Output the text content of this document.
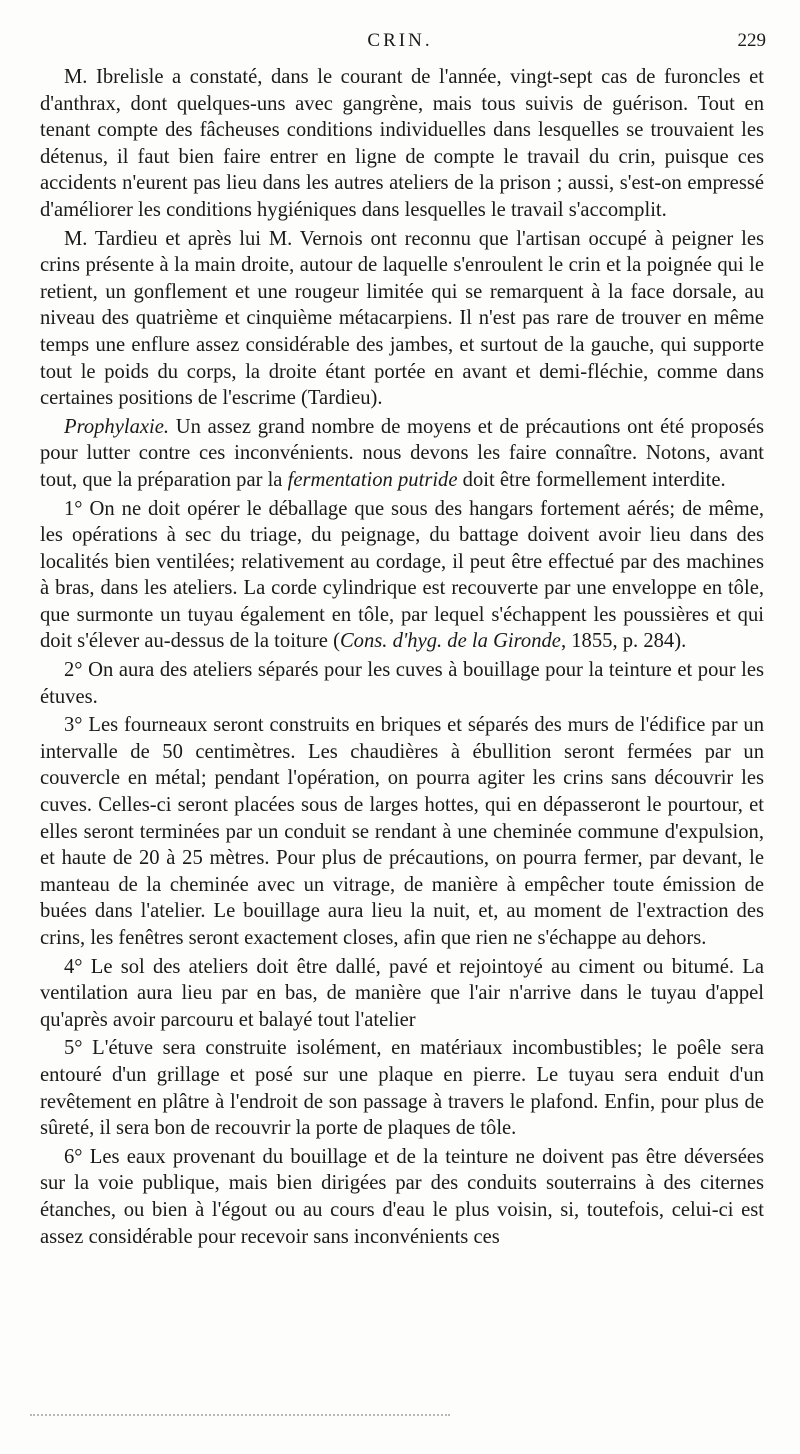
CRIN.	229

M. Ibrelisle a constaté, dans le courant de l'année, vingt-sept cas de furoncles et d'anthrax, dont quelques-uns avec gangrène, mais tous suivis de guérison. Tout en tenant compte des fâcheuses conditions individuelles dans lesquelles se trouvaient les détenus, il faut bien faire entrer en ligne de compte le travail du crin, puisque ces accidents n'eurent pas lieu dans les autres ateliers de la prison ; aussi, s'est-on empressé d'améliorer les conditions hygiéniques dans lesquelles le travail s'accomplit.

M. Tardieu et après lui M. Vernois ont reconnu que l'artisan occupé à peigner les crins présente à la main droite, autour de laquelle s'enroulent le crin et la poignée qui le retient, un gonflement et une rougeur limitée qui se remarquent à la face dorsale, au niveau des quatrième et cinquième métacarpiens. Il n'est pas rare de trouver en même temps une enflure assez considérable des jambes, et surtout de la gauche, qui supporte tout le poids du corps, la droite étant portée en avant et demi-fléchie, comme dans certaines positions de l'escrime (Tardieu).

Prophylaxie. Un assez grand nombre de moyens et de précautions ont été proposés pour lutter contre ces inconvénients. nous devons les faire connaître. Notons, avant tout, que la préparation par la fermentation putride doit être formellement interdite.

1° On ne doit opérer le déballage que sous des hangars fortement aérés; de même, les opérations à sec du triage, du peignage, du battage doivent avoir lieu dans des localités bien ventilées; relativement au cordage, il peut être effectué par des machines à bras, dans les ateliers. La corde cylindrique est recouverte par une enveloppe en tôle, que surmonte un tuyau également en tôle, par lequel s'échappent les poussières et qui doit s'élever au-dessus de la toiture (Cons. d'hyg. de la Gironde, 1855, p. 284).

2° On aura des ateliers séparés pour les cuves à bouillage pour la teinture et pour les étuves.

3° Les fourneaux seront construits en briques et séparés des murs de l'édifice par un intervalle de 50 centimètres. Les chaudières à ébullition seront fermées par un couvercle en métal; pendant l'opération, on pourra agiter les crins sans découvrir les cuves. Celles-ci seront placées sous de larges hottes, qui en dépasseront le pourtour, et elles seront terminées par un conduit se rendant à une cheminée commune d'expulsion, et haute de 20 à 25 mètres. Pour plus de précautions, on pourra fermer, par devant, le manteau de la cheminée avec un vitrage, de manière à empêcher toute émission de buées dans l'atelier. Le bouillage aura lieu la nuit, et, au moment de l'extraction des crins, les fenêtres seront exactement closes, afin que rien ne s'échappe au dehors.

4° Le sol des ateliers doit être dallé, pavé et rejointoyé au ciment ou bitumé. La ventilation aura lieu par en bas, de manière que l'air n'arrive dans le tuyau d'appel qu'après avoir parcouru et balayé tout l'atelier

5° L'étuve sera construite isolément, en matériaux incombustibles; le poêle sera entouré d'un grillage et posé sur une plaque en pierre. Le tuyau sera enduit d'un revêtement en plâtre à l'endroit de son passage à travers le plafond. Enfin, pour plus de sûreté, il sera bon de recouvrir la porte de plaques de tôle.

6° Les eaux provenant du bouillage et de la teinture ne doivent pas être déversées sur la voie publique, mais bien dirigées par des conduits souterrains à des citernes étanches, ou bien à l'égout ou au cours d'eau le plus voisin, si, toutefois, celui-ci est assez considérable pour recevoir sans inconvénients ces
